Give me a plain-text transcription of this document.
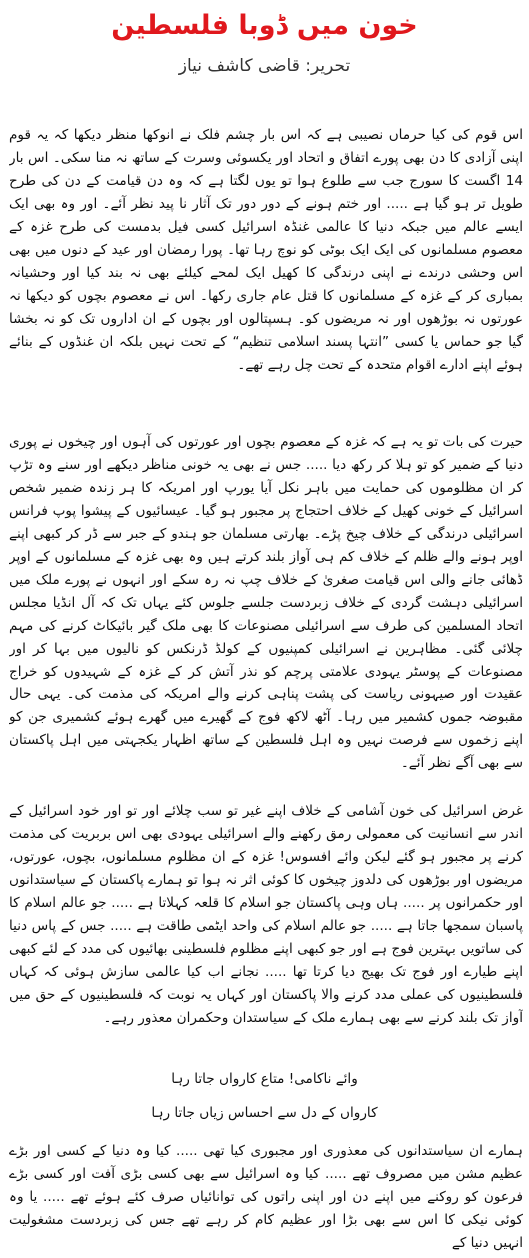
خون میں ڈوبا فلسطین
تحریر: قاضی کاشف نیاز

اس قوم کی کیا حرماں نصیبی ہے کہ اس بار چشم فلک نے انوکھا منظر دیکھا کہ یہ قوم اپنی آزادی کا دن بھی پورے اتفاق و اتحاد اور یکسوئی وسرت کے ساتھ نہ منا سکی۔ اس بار 14 اگست کا سورج جب سے طلوع ہوا تو یوں لگتا ہے کہ وہ دن قیامت کے دن کی طرح طویل تر ہو گیا ہے ..... اور ختم ہونے کے دور دور تک آثار نا پید نظر آئے۔ اور وہ بھی ایک ایسے عالم میں جبکہ دنیا کا عالمی غنڈہ اسرائیل کسی فیل بدمست کی طرح غزہ کے معصوم مسلمانوں کی ایک ایک بوٹی کو نوچ رہا تھا۔ پورا رمضان اور عید کے دنوں میں بھی اس وحشی درندے نے اپنی درندگی کا کھیل ایک لمحے کیلئے بھی نہ بند کیا اور وحشیانہ بمباری کر کے غزہ کے مسلمانوں کا قتل عام جاری رکھا۔ اس نے معصوم بچوں کو دیکھا نہ عورتوں نہ بوڑھوں اور نہ مریضوں کو۔ ہسپتالوں اور بچوں کے ان اداروں تک کو نہ بخشا گیا جو حماس یا کسی ”انتہا پسند اسلامی تنظیم“ کے تحت نہیں بلکہ ان غنڈوں کے بنائے ہوئے اپنے ادارے اقوام متحدہ کے تحت چل رہے تھے۔

حیرت کی بات تو یہ ہے کہ غزہ کے معصوم بچوں اور عورتوں کی آہوں اور چیخوں نے پوری دنیا کے ضمیر کو تو ہلا کر رکھ دیا ..... جس نے بھی یہ خونی مناظر دیکھے اور سنے وہ تڑپ کر ان مظلوموں کی حمایت میں باہر نکل آیا یورپ اور امریکہ کا ہر زندہ ضمیر شخص اسرائیل کے خونی کھیل کے خلاف احتجاج پر مجبور ہو گیا۔ عیسائیوں کے پیشوا پوپ فرانس اسرائیلی درندگی کے خلاف چیخ پڑے۔ بھارتی مسلمان جو ہندو کے جبر سے ڈر کر کبھی اپنے اوپر ہونے والے ظلم کے خلاف کم ہی آواز بلند کرتے ہیں وہ بھی غزہ کے مسلمانوں کے اوپر ڈھائی جانے والی اس قیامت صغریٰ کے خلاف چپ نہ رہ سکے اور انہوں نے پورے ملک میں اسرائیلی دہشت گردی کے خلاف زبردست جلسے جلوس کئے یہاں تک کہ آل انڈیا مجلس اتحاد المسلمین کی طرف سے اسرائیلی مصنوعات کا بھی ملک گیر بائیکاٹ کرنے کی مہم چلائی گئی۔ مظاہرین نے اسرائیلی کمپنیوں کے کولڈ ڈرنکس کو نالیوں میں بہا کر اور مصنوعات کے پوسٹر یہودی علامتی پرچم کو نذر آتش کر کے غزہ کے شہیدوں کو خراج عقیدت اور صیہونی ریاست کی پشت پناہی کرنے والے امریکہ کی مذمت کی۔ یہی حال مقبوضہ جموں کشمیر میں رہا۔ آٹھ لاکھ فوج کے گھیرے میں گھرے ہوئے کشمیری جن کو اپنے زخموں سے فرصت نہیں وہ اہل فلسطین کے ساتھ اظہار یکجہتی میں اہل پاکستان سے بھی آگے نظر آئے۔

غرض اسرائیل کی خون آشامی کے خلاف اپنے غیر تو سب چلائے اور تو اور خود اسرائیل کے اندر سے انسانیت کی معمولی رمق رکھنے والے اسرائیلی یہودی بھی اس بربریت کی مذمت کرنے پر مجبور ہو گئے لیکن وائے افسوس! غزہ کے ان مظلوم مسلمانوں، بچوں، عورتوں، مریضوں اور بوڑھوں کی دلدوز چیخوں کا کوئی اثر نہ ہوا تو ہمارے پاکستان کے سیاستدانوں اور حکمرانوں پر ..... ہاں وہی پاکستان جو اسلام کا قلعہ کہلاتا ہے ..... جو عالم اسلام کا پاسبان سمجھا جاتا ہے ..... جو عالم اسلام کی واحد ایٹمی طاقت ہے ..... جس کے پاس دنیا کی ساتویں بہترین فوج ہے اور جو کبھی اپنے مظلوم فلسطینی بھائیوں کی مدد کے لئے کبھی اپنے طیارے اور فوج تک بھیج دیا کرتا تھا ..... نجانے اب کیا عالمی سازش ہوئی کہ کہاں فلسطینیوں کی عملی مدد کرنے والا پاکستان اور کہاں یہ نوبت کہ فلسطینیوں کے حق میں آواز تک بلند کرنے سے بھی ہمارے ملک کے سیاستدان وحکمران معذور رہے۔

وائے ناکامی! متاع کارواں جاتا رہا
کارواں کے دل سے احساس زیاں جاتا رہا

ہمارے ان سیاستدانوں کی معذوری اور مجبوری کیا تھی ..... کیا وہ دنیا کے کسی اور بڑے عظیم مشن میں مصروف تھے ..... کیا وہ اسرائیل سے بھی کسی بڑی آفت اور کسی بڑے فرعون کو روکنے میں اپنے دن اور اپنی راتوں کی توانائیاں صرف کئے ہوئے تھے ..... یا وہ کوئی نیکی کا اس سے بھی بڑا اور عظیم کام کر رہے تھے جس کی زبردست مشغولیت انہیں دنیا کے
